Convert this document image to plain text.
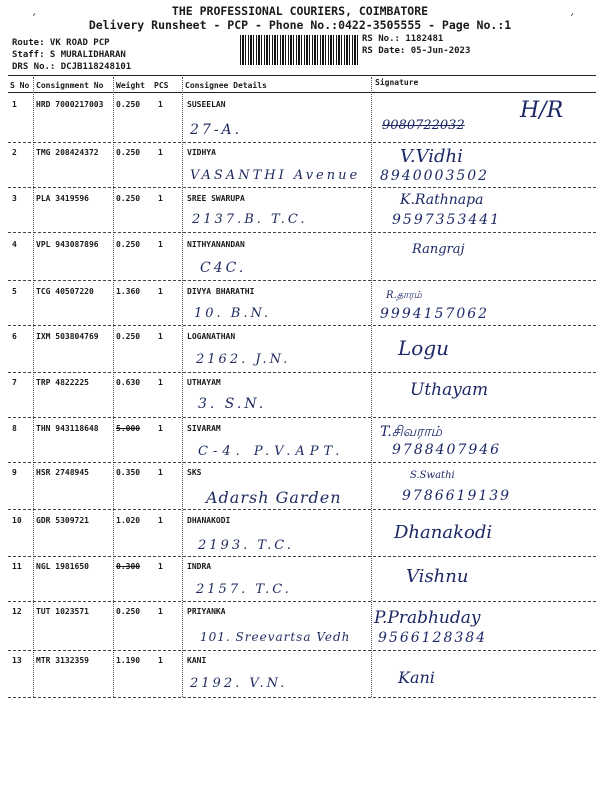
′	′
THE PROFESSIONAL COURIERS, COIMBATORE
Delivery Runsheet - PCP - Phone No.:0422-3505555 - Page No.:1
Route: VK ROAD PCP
Staff: S MURALIDHARAN
DRS No.: DCJB118248101
RS No.: 1182481
RS Date: 05-Jun-2023
S No Consignment No Weight PCS Consignee Details	Signature
1 HRD 7000217003 0.250 1	SUSEELAN
27-A.	9080722032
H/R
2 TMG 208424372 0.250 1	VIDHYA
VASANTHI Avenue
V.Vidhi
8940003502
3 PLA 3419596	0.250 1	SREE SWARUPA
2137.B. T.C.
K.Rathnapa
9597353441
4 VPL 943087896 0.250 1	NITHYANANDAN
C4C.
Rangraj
5 TCG 40507220	1.360 1	DIVYA BHARATHI
10. B.N.
R.தாரம்
9994157062
6 IXM 503804769 0.250 1	LOGANATHAN
2162. J.N.	Logu
7 TRP 4822225	0.630 1	UTHAYAM
3. S.N.
Uthayam
8 THN 943118648 5.000 1	SIVARAM
C-4. P.V.APT.
T.சிவராம்
9788407946
9 HSR 2748945	0.350 1	SKS
Adarsh Garden
S.Swathi
9786619139
10 GDR 5309721	1.020 1	DHANAKODI
2193. T.C.
Dhanakodi
11 NGL 1981650	0.300 1	INDRA
2157. T.C.
Vishnu
12 TUT 1023571	0.250 1	PRIYANKA
101. Sreevartsa Vedh
P.Prabhuday
9566128384
13 MTR 3132359	1.190 1	KANI
2192. V.N.	Kani
